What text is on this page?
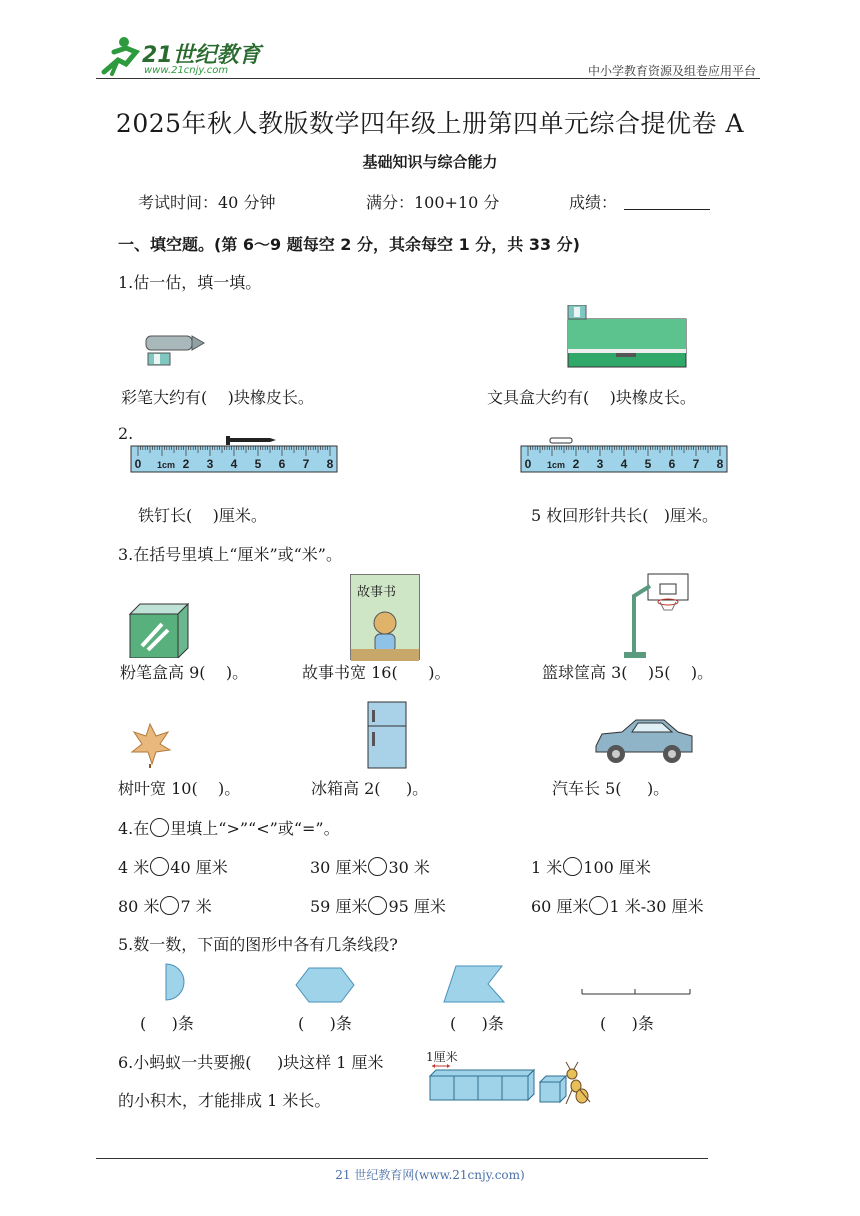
21世纪教育
www.21cnjy.com	中小学教育资源及组卷应用平台
2025年秋人教版数学四年级上册第四单元综合提优卷 A
基础知识与综合能力
考试时间：40 分钟	满分：100+10 分	成绩：
一、填空题。(第 6～9 题每空 2 分，其余每空 1 分，共 33 分)
1.估一估，填一填。
彩笔大约有(    )块橡皮长。	文具盒大约有(    )块橡皮长。
2.
0 1cm 2 3 4 5 6 7 8	0 1cm 2 3 4 5 6 7 8
铁钉长(    )厘米。	5 枚回形针共长(   )厘米。
3.在括号里填上“厘米”或“米”。
故事书
粉笔盒高 9(    )。	故事书宽 16(      )。	篮球筐高 3(    )5(    )。
树叶宽 10(    )。	冰箱高 2(     )。	汽车长 5(     )。
4.在 里填上“>”“<”或“=”。
4 米 40 厘米	30 厘米 30 米	1 米 100 厘米
80 米 7 米	59 厘米 95 厘米	60 厘米 1 米-30 厘米
5.数一数，下面的图形中各有几条线段?
(     )条	(     )条	(     )条	(     )条
6.小蚂蚁一共要搬(     )块这样 1 厘米
的小积木，才能排成 1 米长。
1厘米
21 世纪教育网(www.21cnjy.com)
